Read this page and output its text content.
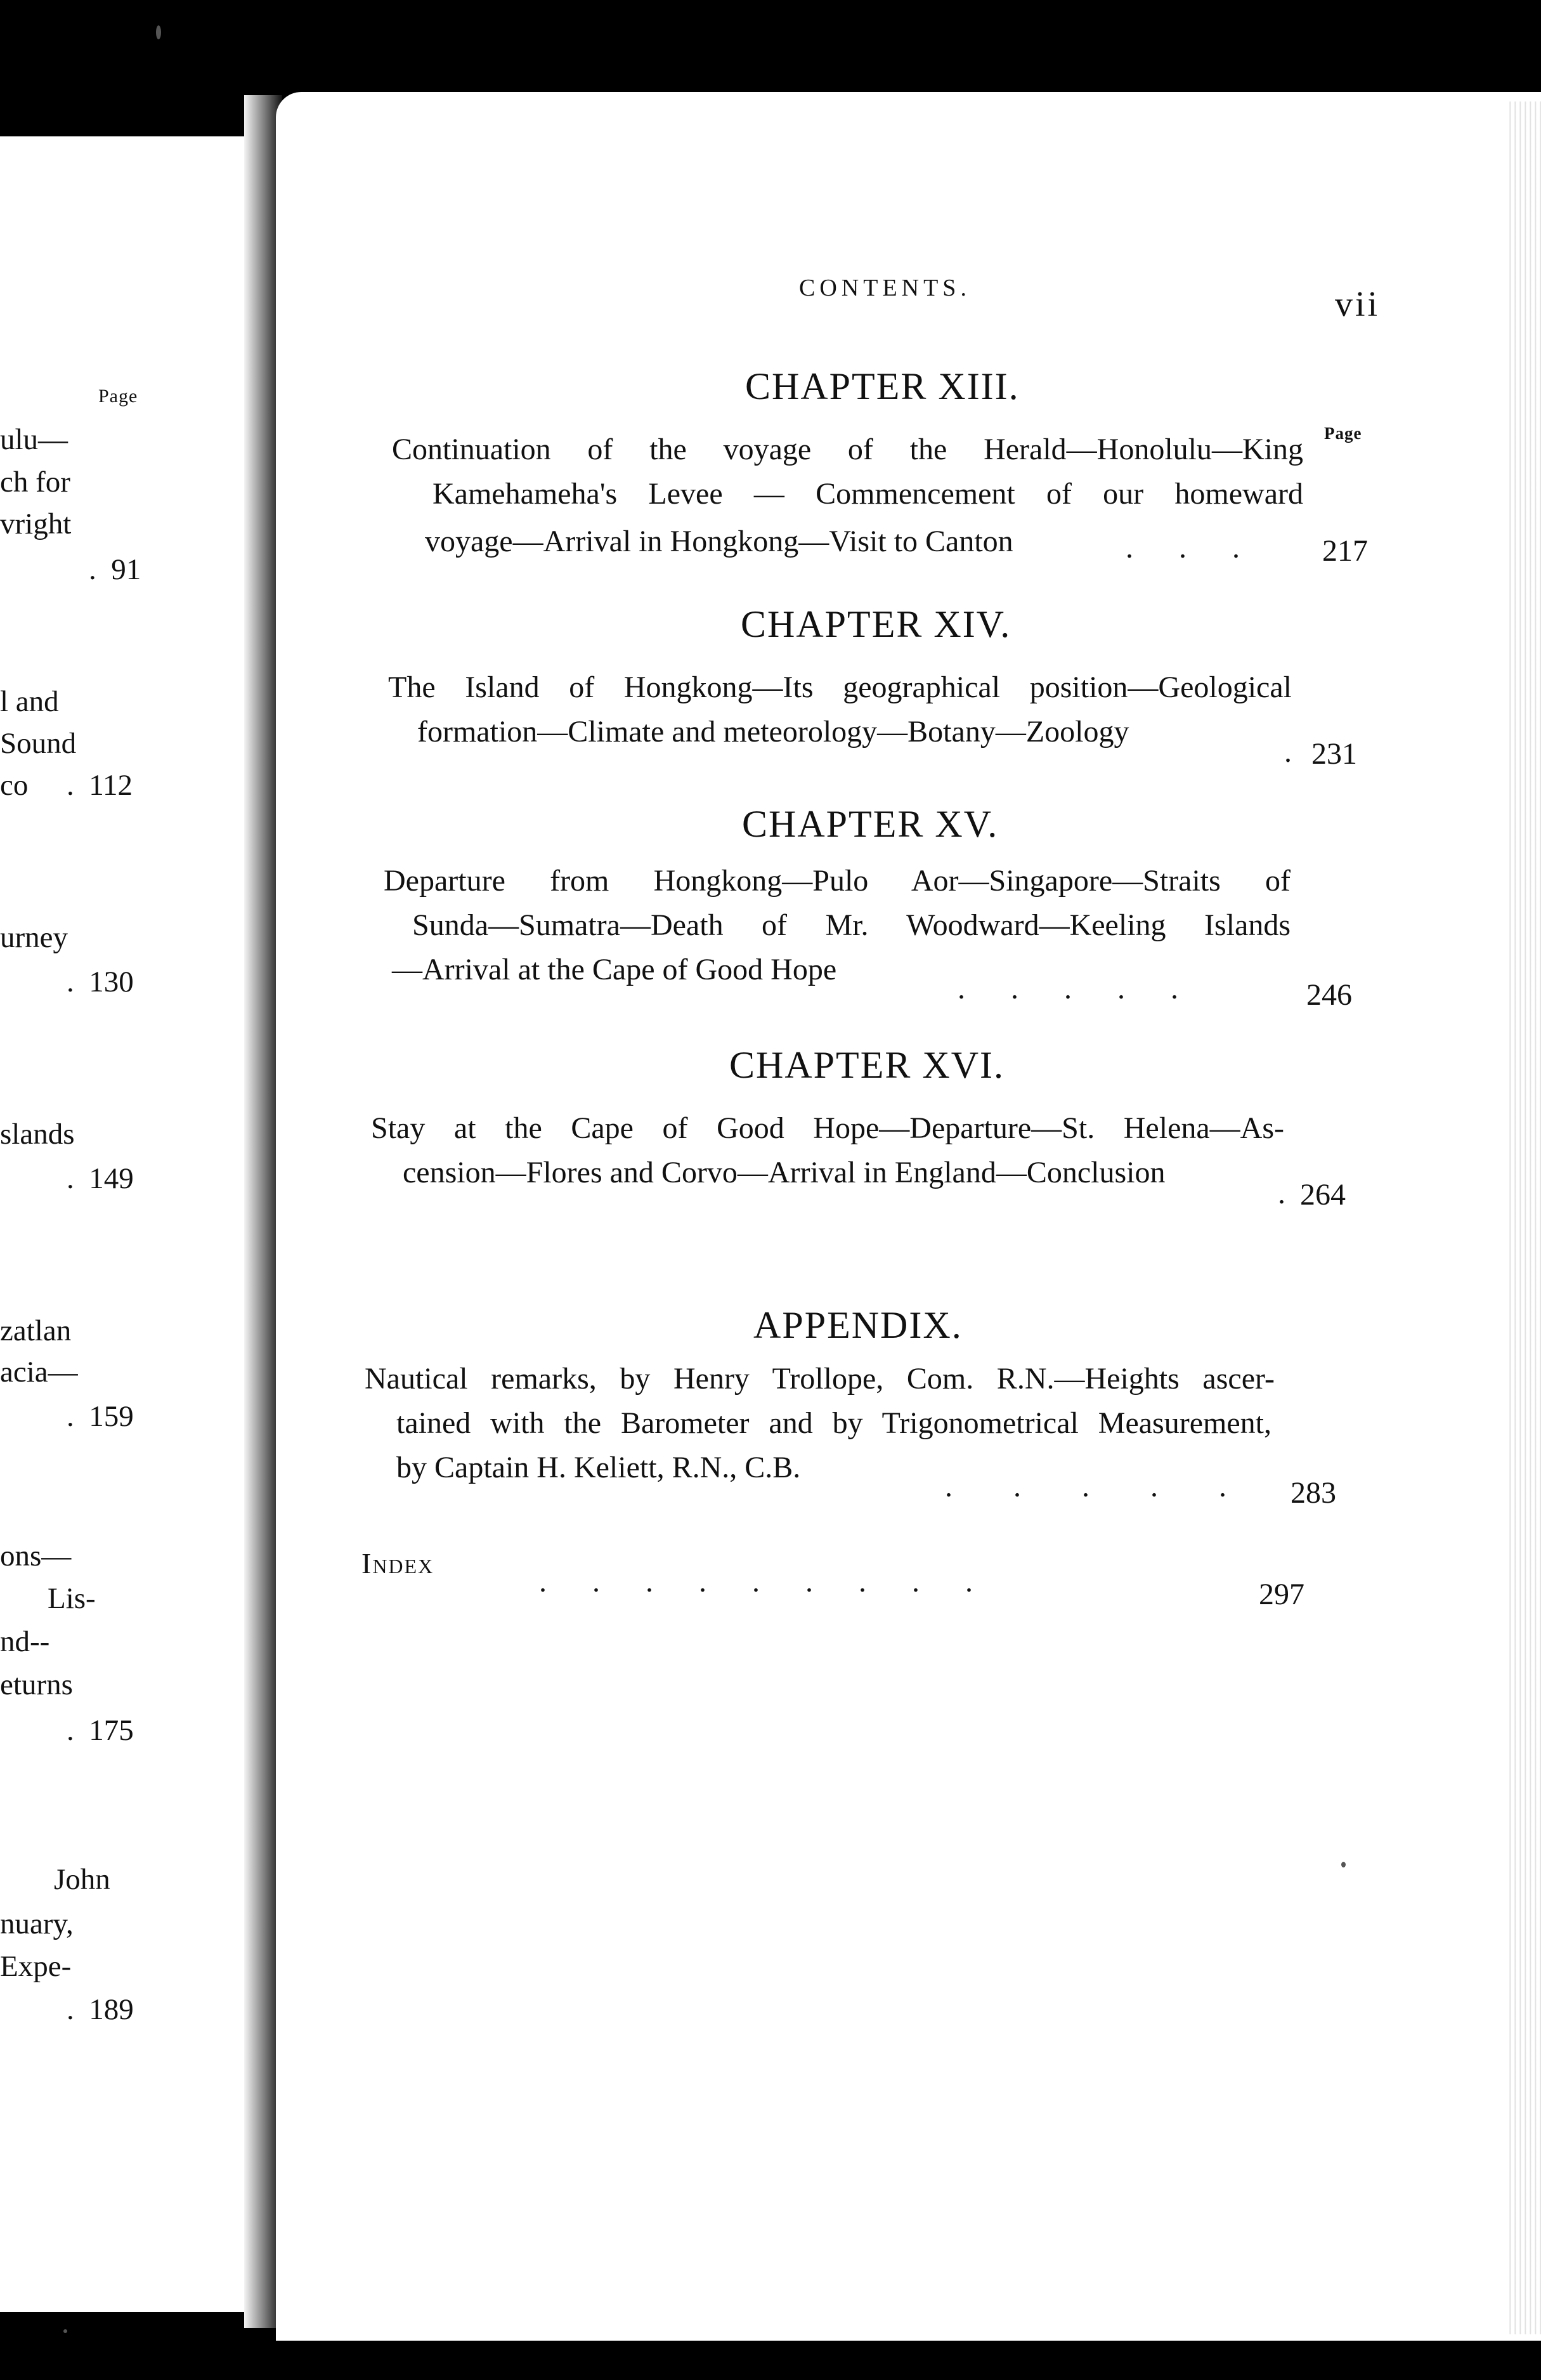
Page
ulu—
ch for
vright
.  91
l and
Sound
co .  112
urney
.  130
slands
.  149
zatlan
acia—
.  159
ons—
Lis-
nd--
eturns
.  175
John
nuary,
Expe-
.  189
CONTENTS.	vii
CHAPTER XIII.
Page
Continuation of the voyage of the Herald—Honolulu—King
Kamehameha's Levee — Commencement of our homeward
voyage—Arrival in Hongkong—Visit to Canton	.      .      .	217
CHAPTER XIV.
The Island of Hongkong—Its geographical position—Geological
formation—Climate and meteorology—Botany—Zoology
. 231
CHAPTER XV.
Departure from Hongkong—Pulo Aor—Singapore—Straits of
Sunda—Sumatra—Death of Mr. Woodward—Keeling Islands
—Arrival at the Cape of Good Hope
.      .      .      .      .	246
CHAPTER XVI.
Stay at the Cape of Good Hope—Departure—St. Helena—As-
cension—Flores and Corvo—Arrival in England—Conclusion
. 264
APPENDIX.
Nautical remarks, by Henry Trollope, Com. R.N.—Heights ascer-
tained with the Barometer and by Trigonometrical Measurement,
by Captain H. Keliett, R.N., C.B.
.        .        .        .        . 283
Index
.      .      .      .      .      .      .      .      .	297
